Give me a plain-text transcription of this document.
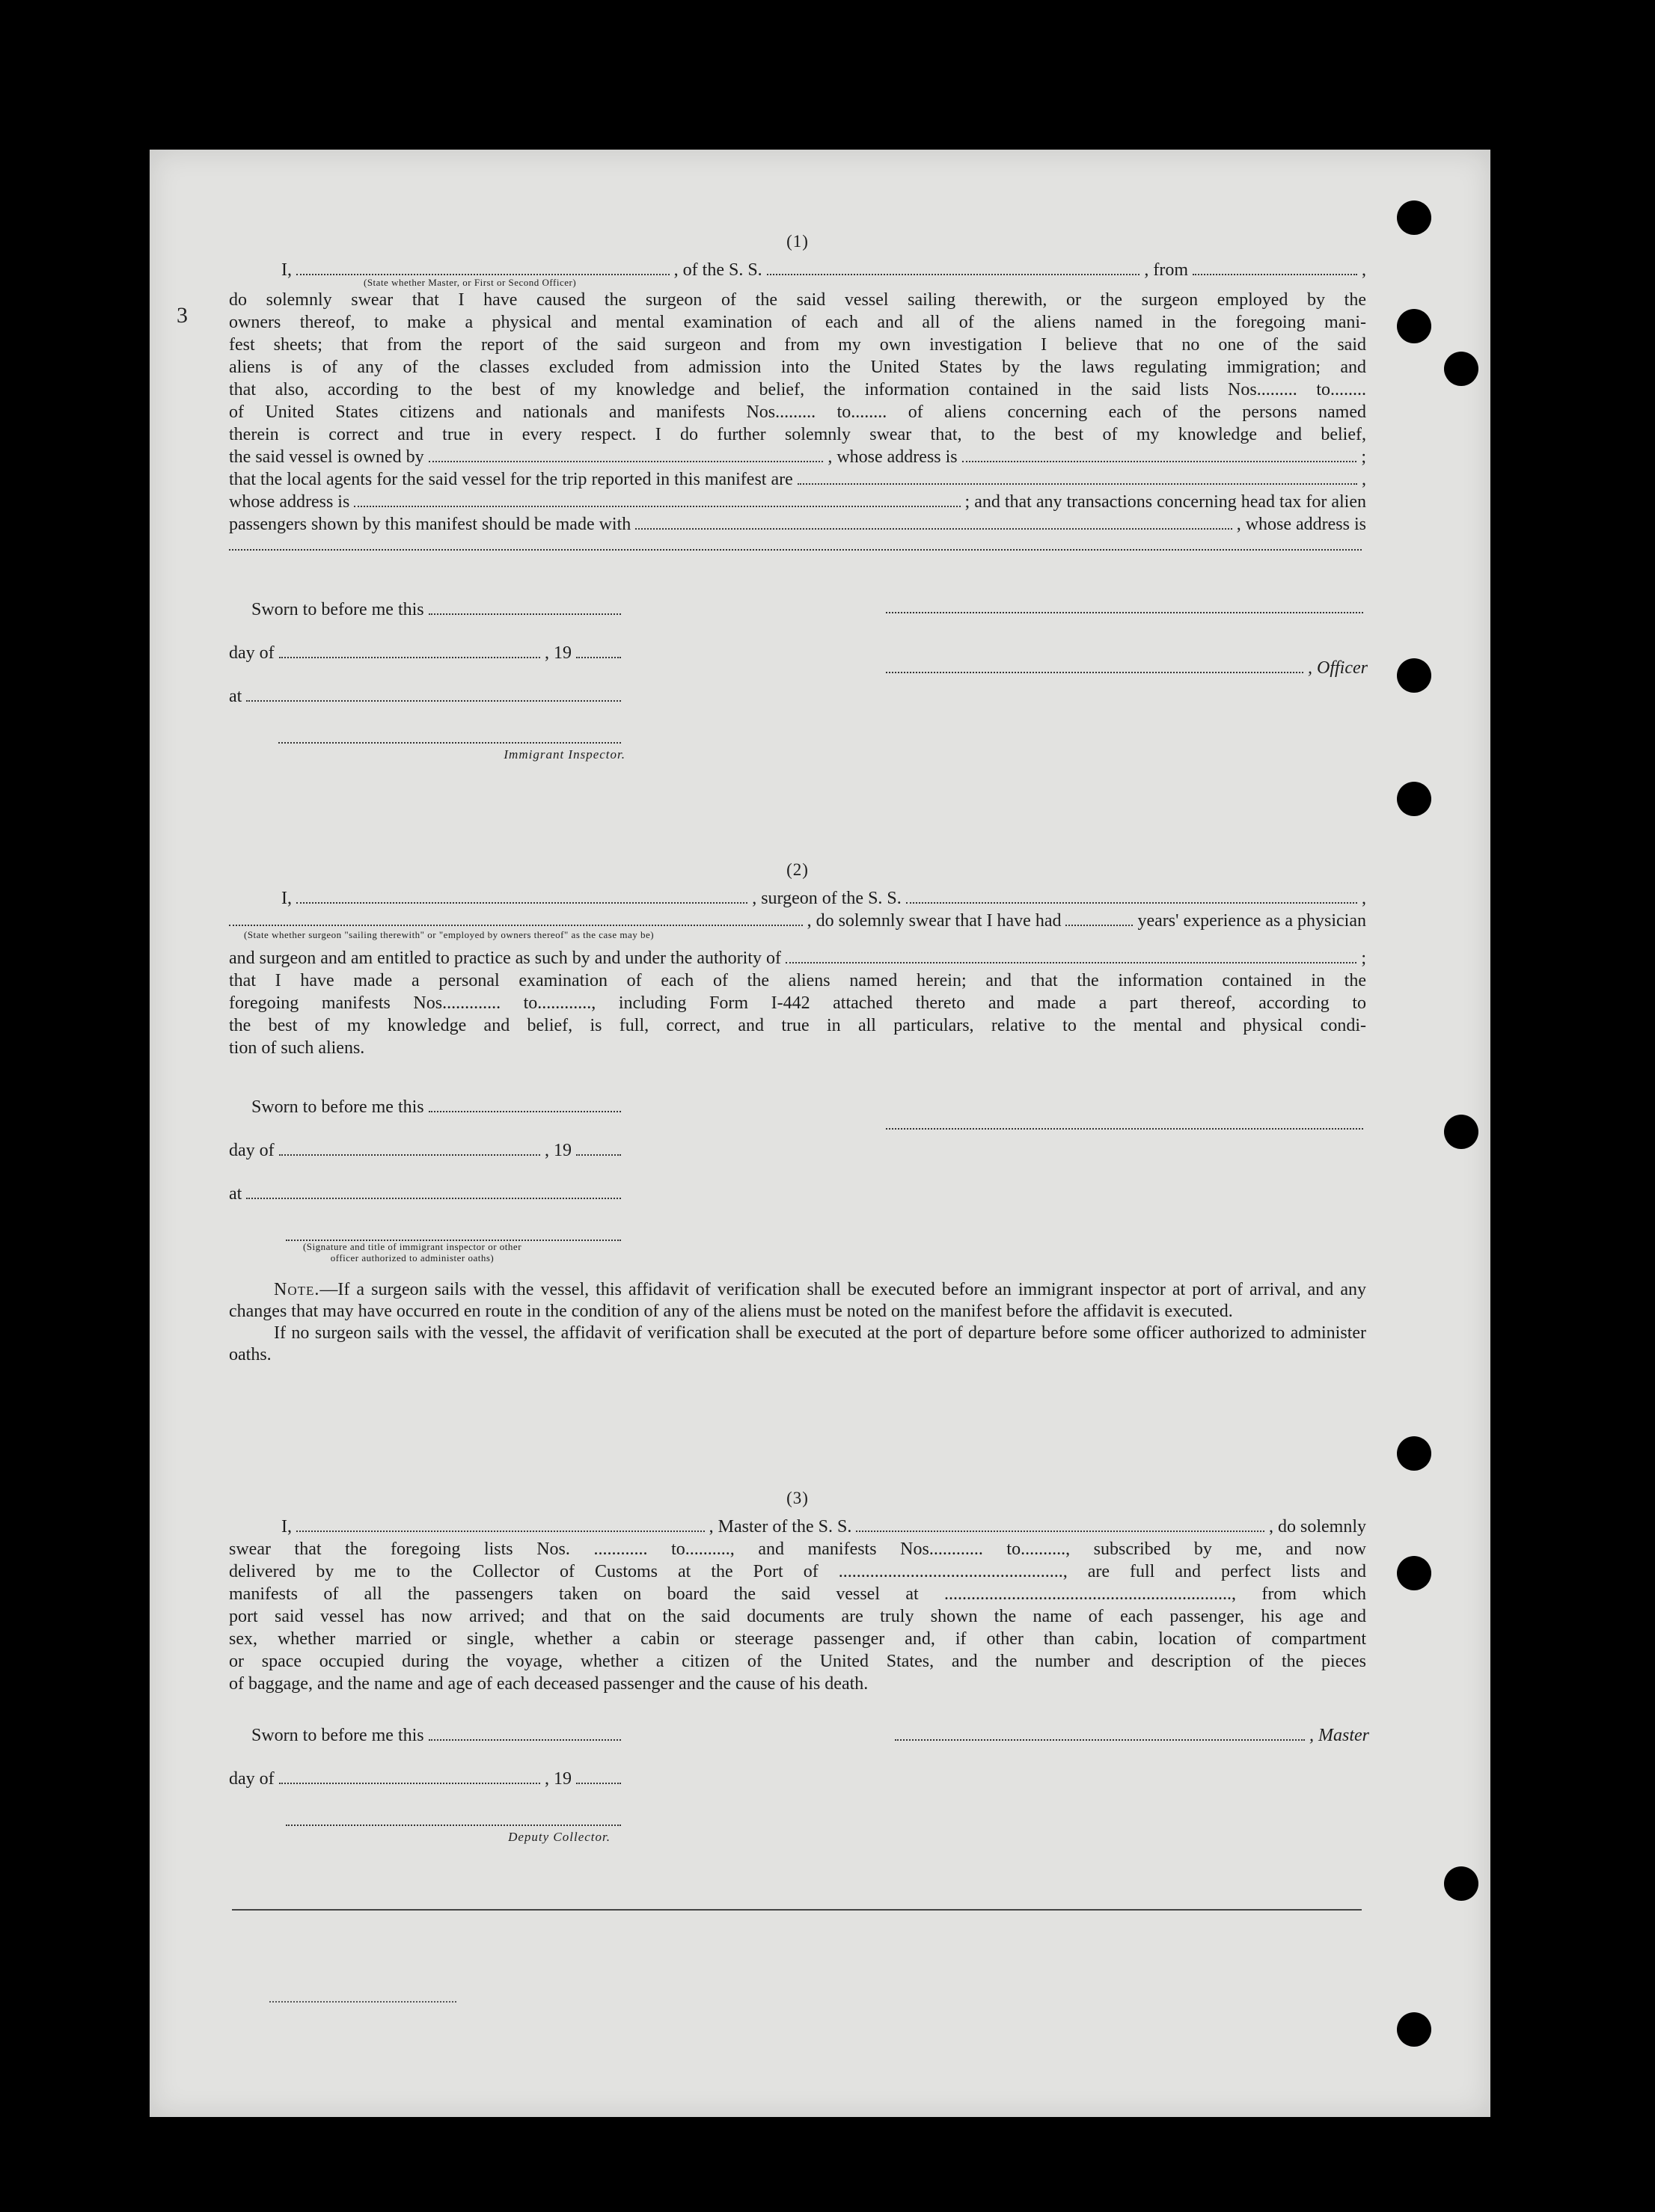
3
(1)
I,	, of the S. S.	, from	,
(State whether Master, or First or Second Officer)
do solemnly swear that I have caused the surgeon of the said vessel sailing therewith, or the surgeon employed by the
owners thereof, to make a physical and mental examination of each and all of the aliens named in the foregoing mani-
fest sheets; that from the report of the said surgeon and from my own investigation I believe that no one of the said
aliens is of any of the classes excluded from admission into the United States by the laws regulating immigration; and
that also, according to the best of my knowledge and belief, the information contained in the said lists Nos......... to........
of United States citizens and nationals and manifests Nos......... to........ of aliens concerning each of the persons named
therein is correct and true in every respect. I do further solemnly swear that, to the best of my knowledge and belief,
the said vessel is owned by	, whose address is	;
that the local agents for the said vessel for the trip reported in this manifest are	,
whose address is	; and that any transactions concerning head tax for alien
passengers shown by this manifest should be made with	, whose address is
Sworn to before me this
day of	, 19
at
Immigrant Inspector.
, Officer
(2)
I,	, surgeon of the S. S.	,
, do solemnly swear that I have had	years' experience as a physician
(State whether surgeon "sailing therewith" or "employed by owners thereof" as the case may be)
and surgeon and am entitled to practice as such by and under the authority of	;
that I have made a personal examination of each of the aliens named herein; and that the information contained in the
foregoing manifests Nos............. to............, including Form I-442 attached thereto and made a part thereof, according to
the best of my knowledge and belief, is full, correct, and true in all particulars, relative to the mental and physical condi-
tion of such aliens.
Sworn to before me this
day of	, 19
at
(Signature and title of immigrant inspector or other officer authorized to administer oaths)
Note.—If a surgeon sails with the vessel, this affidavit of verification shall be executed before an immigrant inspector at port of arrival, and any changes that may have occurred en route in the condition of any of the aliens must be noted on the manifest before the affidavit is executed.
If no surgeon sails with the vessel, the affidavit of verification shall be executed at the port of departure before some officer authorized to administer oaths.
(3)
I,	, Master of the S. S.	, do solemnly
swear that the foregoing lists Nos. ............ to.........., and manifests Nos............ to.........., subscribed by me, and now
delivered by me to the Collector of Customs at the Port of .................................................., are full and perfect lists and
manifests of all the passengers taken on board the said vessel at ................................................................, from which
port said vessel has now arrived; and that on the said documents are truly shown the name of each passenger, his age and
sex, whether married or single, whether a cabin or steerage passenger and, if other than cabin, location of compartment
or space occupied during the voyage, whether a citizen of the United States, and the number and description of the pieces
of baggage, and the name and age of each deceased passenger and the cause of his death.
Sworn to before me this
day of	, 19
Deputy Collector.
, Master
